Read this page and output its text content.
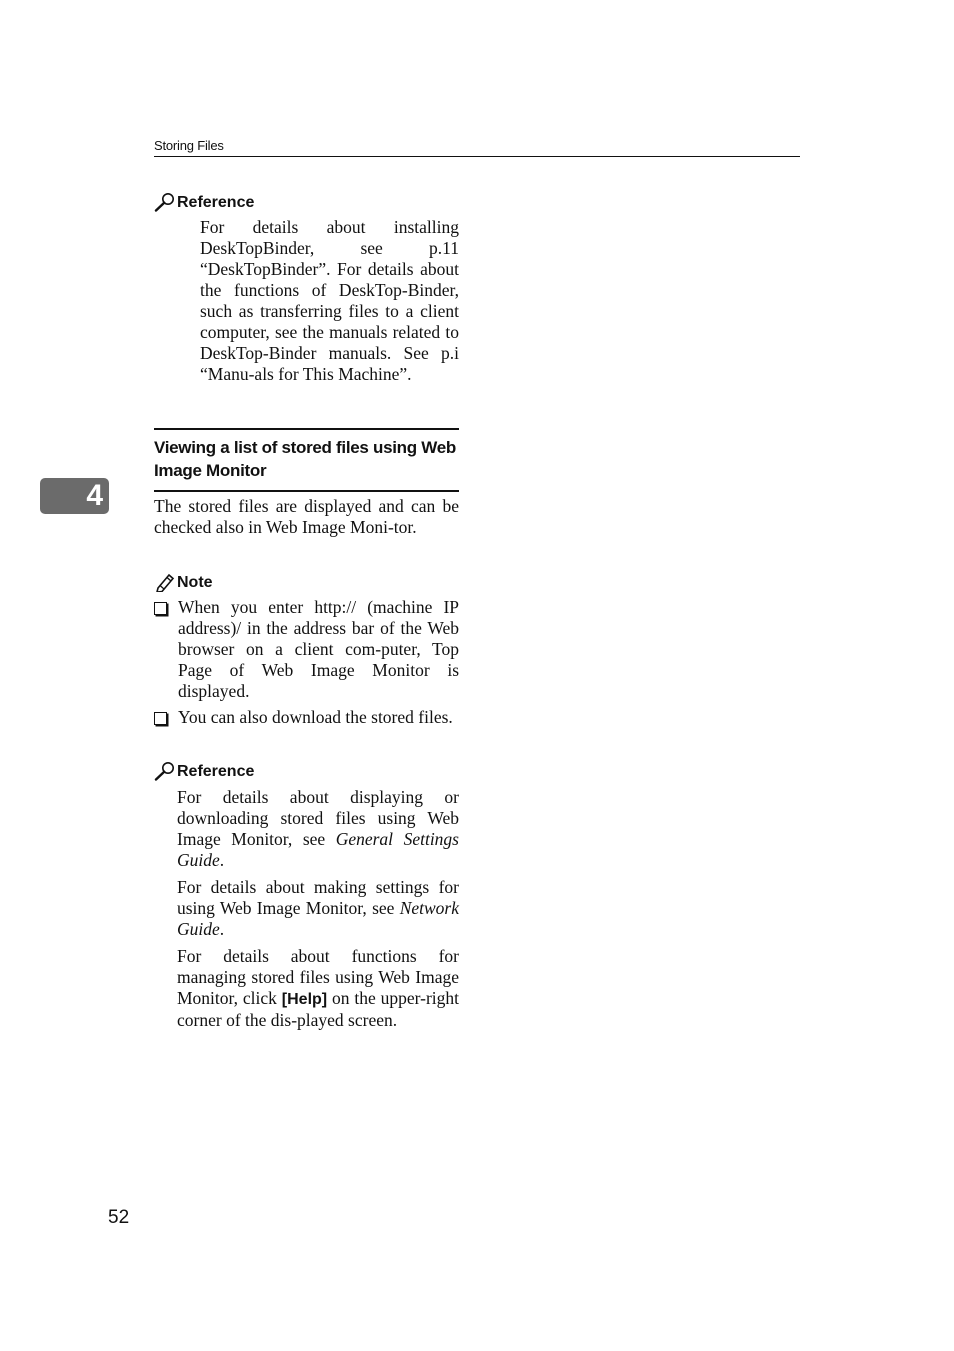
Storing Files
4
Reference
For details about installing DeskTopBinder, see p.11 “DeskTopBinder”. For details about the functions of DeskTop-Binder, such as transferring files to a client computer, see the manuals related to DeskTop-Binder manuals. See p.i “Manu-als for This Machine”.
Viewing a list of stored files using Web Image Monitor
The stored files are displayed and can be checked also in Web Image Moni-tor.
Note
When you enter http:// (machine IP address)/ in the address bar of the Web browser on a client com-puter, Top Page of Web Image Monitor is displayed.
You can also download the stored files.
Reference
For details about displaying or downloading stored files using Web Image Monitor, see General Settings Guide.
For details about making settings for using Web Image Monitor, see Network Guide.
For details about functions for managing stored files using Web Image Monitor, click [Help] on the upper-right corner of the dis-played screen.
52
